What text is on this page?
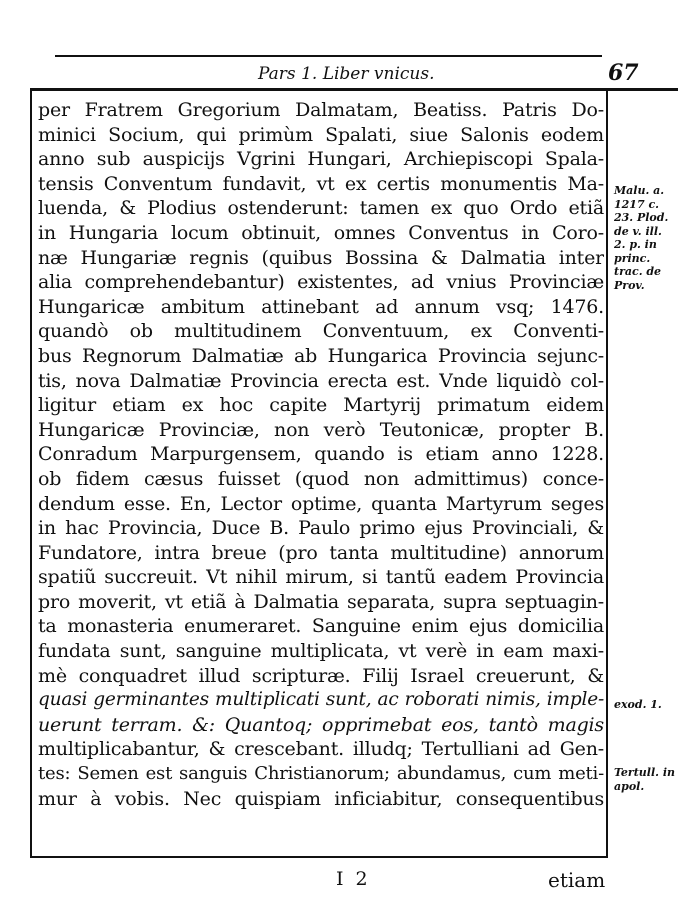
Pars 1. Liber vnicus.	67
per Fratrem Gregorium Dalmatam, Beatiss. Patris Do-
minici Socium, qui primùm Spalati, siue Salonis eodem
anno sub auspicijs Vgrini Hungari, Archiepiscopi Spala-
tensis Conventum fundavit, vt ex certis monumentis Ma-
luenda, & Plodius ostenderunt: tamen ex quo Ordo etiã
in Hungaria locum obtinuit, omnes Conventus in Coro-
næ Hungariæ regnis (quibus Bossina & Dalmatia inter
alia comprehendebantur) existentes, ad vnius Provinciæ
Hungaricæ ambitum attinebant ad annum vsq; 1476.
quandò ob multitudinem Conventuum, ex Conventi-
bus Regnorum Dalmatiæ ab Hungarica Provincia sejunc-
tis, nova Dalmatiæ Provincia erecta est. Vnde liquidò col-
ligitur etiam ex hoc capite Martyrij primatum eidem
Hungaricæ Provinciæ, non verò Teutonicæ, propter B.
Conradum Marpurgensem, quando is etiam anno 1228.
ob fidem cæsus fuisset (quod non admittimus) conce-
dendum esse. En, Lector optime, quanta Martyrum seges
in hac Provincia, Duce B. Paulo primo ejus Provinciali, &
Fundatore, intra breue (pro tanta multitudine) annorum
spatiũ succreuit. Vt nihil mirum, si tantũ eadem Provincia
pro moverit, vt etiã à Dalmatia separata, supra septuagin-
ta monasteria enumeraret. Sanguine enim ejus domicilia
fundata sunt, sanguine multiplicata, vt verè in eam maxi-
mè conquadret illud scripturæ. Filij Israel creuerunt, &
quasi germinantes multiplicati sunt, ac roborati nimis, imple-
uerunt terram. &: Quantoq; opprimebat eos, tantò magis
multiplicabantur, & crescebant. illudq; Tertulliani ad Gen-
tes: Semen est sanguis Christianorum; abundamus, cum meti-
mur à vobis. Nec quispiam inficiabitur, consequentibus
Malu. a. 1217 c. 23. Plod. de v. ill. 2. p. in princ. trac. de Prov.
exod. 1.
Tertull. in apol.
I 2	etiam
